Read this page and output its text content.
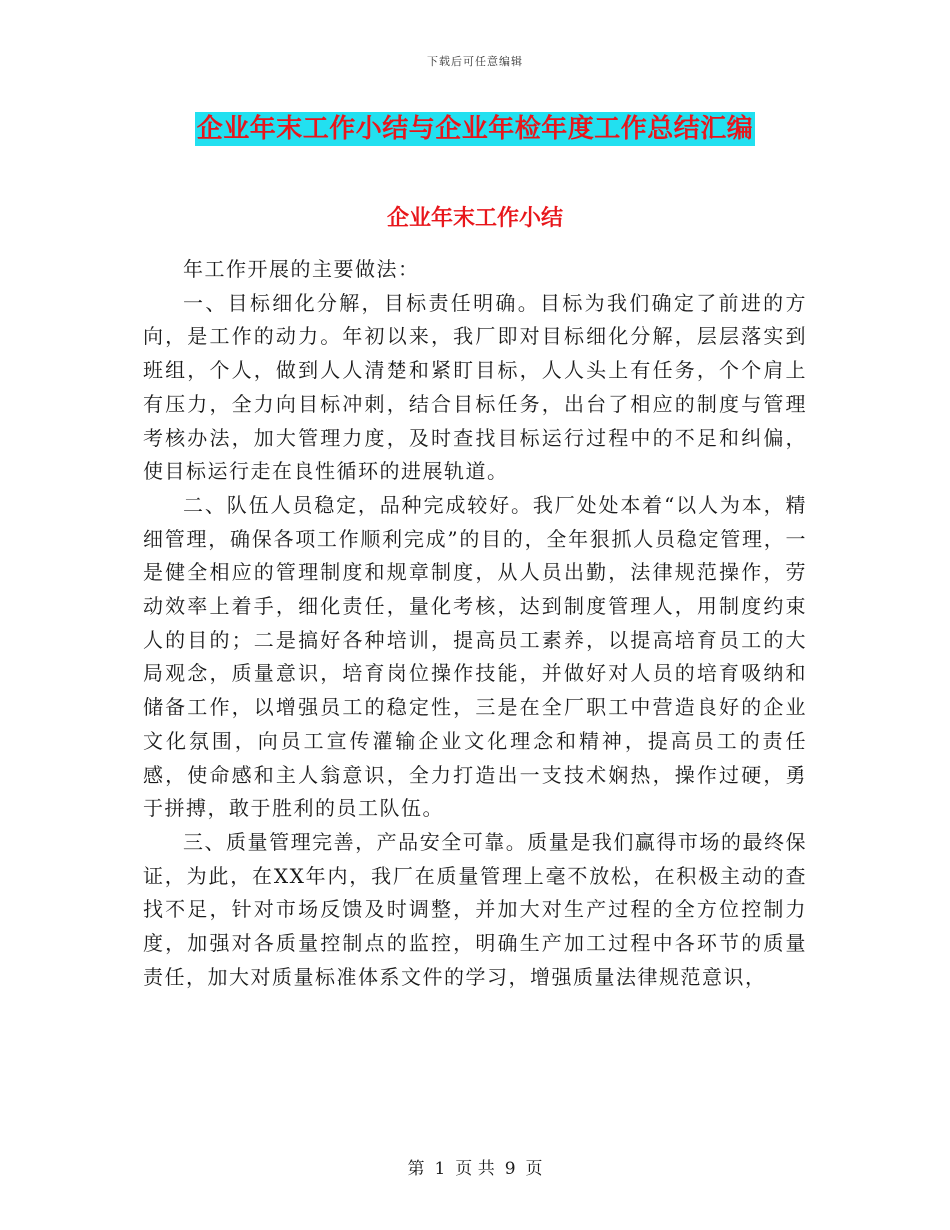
下载后可任意编辑
企业年末工作小结与企业年检年度工作总结汇编
企业年末工作小结

年工作开展的主要做法：

一、目标细化分解，目标责任明确。目标为我们确定了前进的方向，是工作的动力。年初以来，我厂即对目标细化分解，层层落实到班组，个人，做到人人清楚和紧盯目标，人人头上有任务，个个肩上有压力，全力向目标冲刺，结合目标任务，出台了相应的制度与管理考核办法，加大管理力度，及时查找目标运行过程中的不足和纠偏，使目标运行走在良性循环的进展轨道。

二、队伍人员稳定，品种完成较好。我厂处处本着“以人为本，精细管理，确保各项工作顺利完成”的目的，全年狠抓人员稳定管理，一是健全相应的管理制度和规章制度，从人员出勤，法律规范操作，劳动效率上着手，细化责任，量化考核，达到制度管理人，用制度约束人的目的；二是搞好各种培训，提高员工素养，以提高培育员工的大局观念，质量意识，培育岗位操作技能，并做好对人员的培育吸纳和储备工作，以增强员工的稳定性，三是在全厂职工中营造良好的企业文化氛围，向员工宣传灌输企业文化理念和精神，提高员工的责任感，使命感和主人翁意识，全力打造出一支技术娴热，操作过硬，勇于拼搏，敢于胜利的员工队伍。

三、质量管理完善，产品安全可靠。质量是我们赢得市场的最终保证，为此，在XX年内，我厂在质量管理上毫不放松，在积极主动的查找不足，针对市场反馈及时调整，并加大对生产过程的全方位控制力度，加强对各质量控制点的监控，明确生产加工过程中各环节的质量责任，加大对质量标准体系文件的学习，增强质量法律规范意识，

第 1 页 共 9 页
